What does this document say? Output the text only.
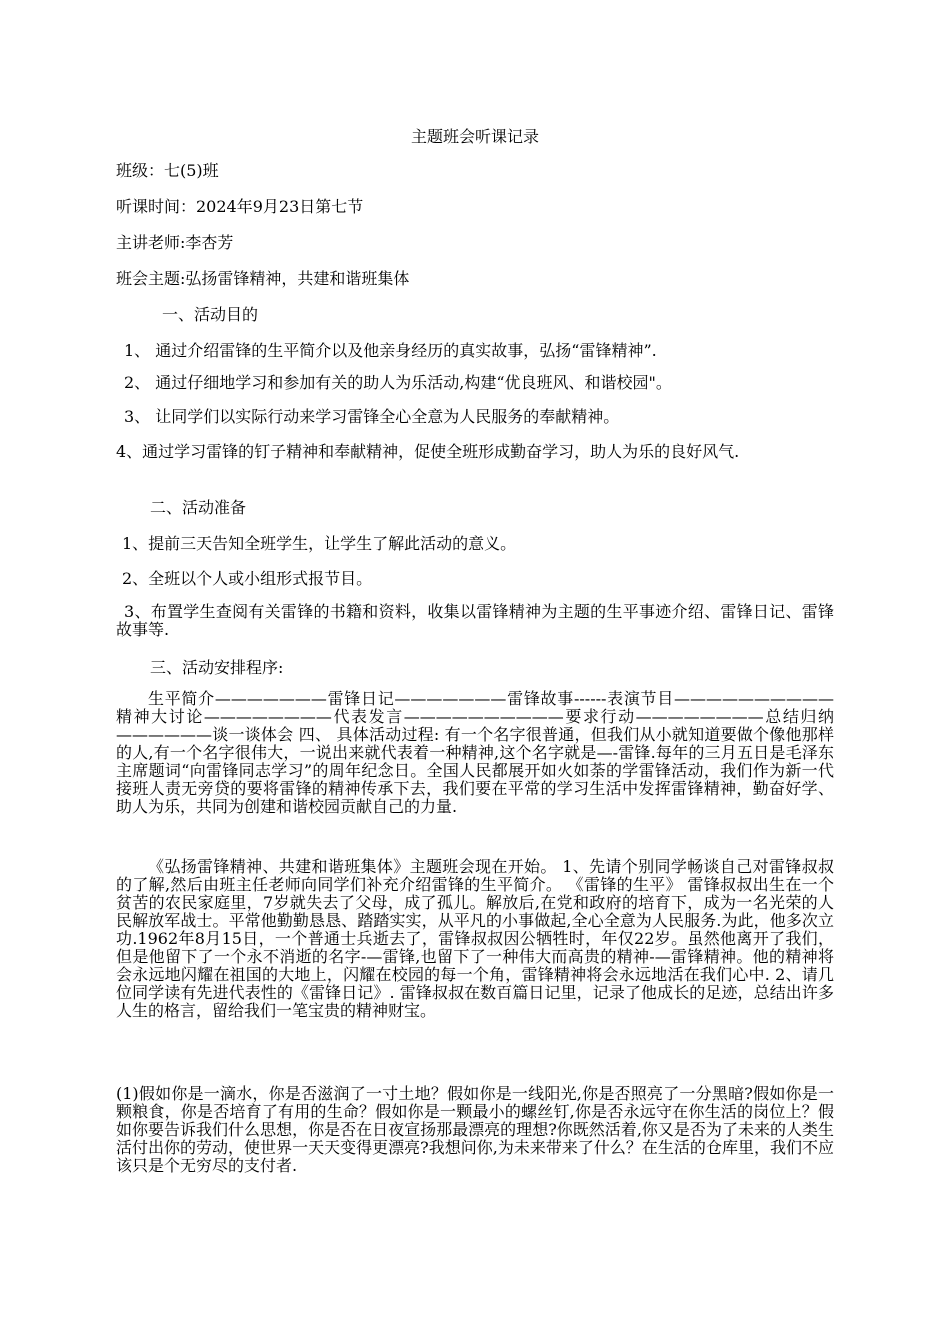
主题班会听课记录
班级：七(5)班
听课时间：2024年9月23日第七节
主讲老师:李杏芳
班会主题:弘扬雷锋精神，共建和谐班集体
一、活动目的
1、 通过介绍雷锋的生平简介以及他亲身经历的真实故事，弘扬“雷锋精神”.
2、 通过仔细地学习和参加有关的助人为乐活动,构建“优良班风、和谐校园"。
3、 让同学们以实际行动来学习雷锋全心全意为人民服务的奉献精神。
4、通过学习雷锋的钉子精神和奉献精神，促使全班形成勤奋学习，助人为乐的良好风气.
二、活动准备
1、提前三天告知全班学生，让学生了解此活动的意义。
2、全班以个人或小组形式报节目。
3、布置学生查阅有关雷锋的书籍和资料，收集以雷锋精神为主题的生平事迹介绍、雷锋日记、雷锋故事等.
三、活动安排程序:
生平简介———————雷锋日记———————雷锋故事------表演节目——————————精神大讨论————————代表发言——————————要求行动————————总结归纳——————谈一谈体会 四、 具体活动过程: 有一个名字很普通，但我们从小就知道要做个像他那样的人,有一个名字很伟大，一说出来就代表着一种精神,这个名字就是—-雷锋.每年的三月五日是毛泽东主席题词“向雷锋同志学习”的周年纪念日。全国人民都展开如火如荼的学雷锋活动，我们作为新一代接班人责无旁贷的要将雷锋的精神传承下去，我们要在平常的学习生活中发挥雷锋精神，勤奋好学、助人为乐，共同为创建和谐校园贡献自己的力量.
《弘扬雷锋精神、共建和谐班集体》主题班会现在开始。 1、先请个别同学畅谈自己对雷锋叔叔的了解,然后由班主任老师向同学们补充介绍雷锋的生平简介。 《雷锋的生平》 雷锋叔叔出生在一个贫苦的农民家庭里，7岁就失去了父母，成了孤儿。解放后,在党和政府的培育下，成为一名光荣的人民解放军战士。平常他勤勤恳恳、踏踏实实，从平凡的小事做起,全心全意为人民服务.为此，他多次立功.1962年8月15日，一个普通士兵逝去了，雷锋叔叔因公牺牲时，年仅22岁。虽然他离开了我们，但是他留下了一个永不消逝的名字-—雷锋,也留下了一种伟大而高贵的精神-—雷锋精神。他的精神将会永远地闪耀在祖国的大地上，闪耀在校园的每一个角，雷锋精神将会永远地活在我们心中. 2、请几位同学读有先进代表性的《雷锋日记》. 雷锋叔叔在数百篇日记里，记录了他成长的足迹，总结出许多人生的格言，留给我们一笔宝贵的精神财宝。
(1)假如你是一滴水，你是否滋润了一寸土地？假如你是一线阳光,你是否照亮了一分黑暗?假如你是一颗粮食，你是否培育了有用的生命？假如你是一颗最小的螺丝钉,你是否永远守在你生活的岗位上？假如你要告诉我们什么思想，你是否在日夜宣扬那最漂亮的理想?你既然活着,你又是否为了未来的人类生活付出你的劳动，使世界一天天变得更漂亮?我想问你,为未来带来了什么？在生活的仓库里，我们不应该只是个无穷尽的支付者.
